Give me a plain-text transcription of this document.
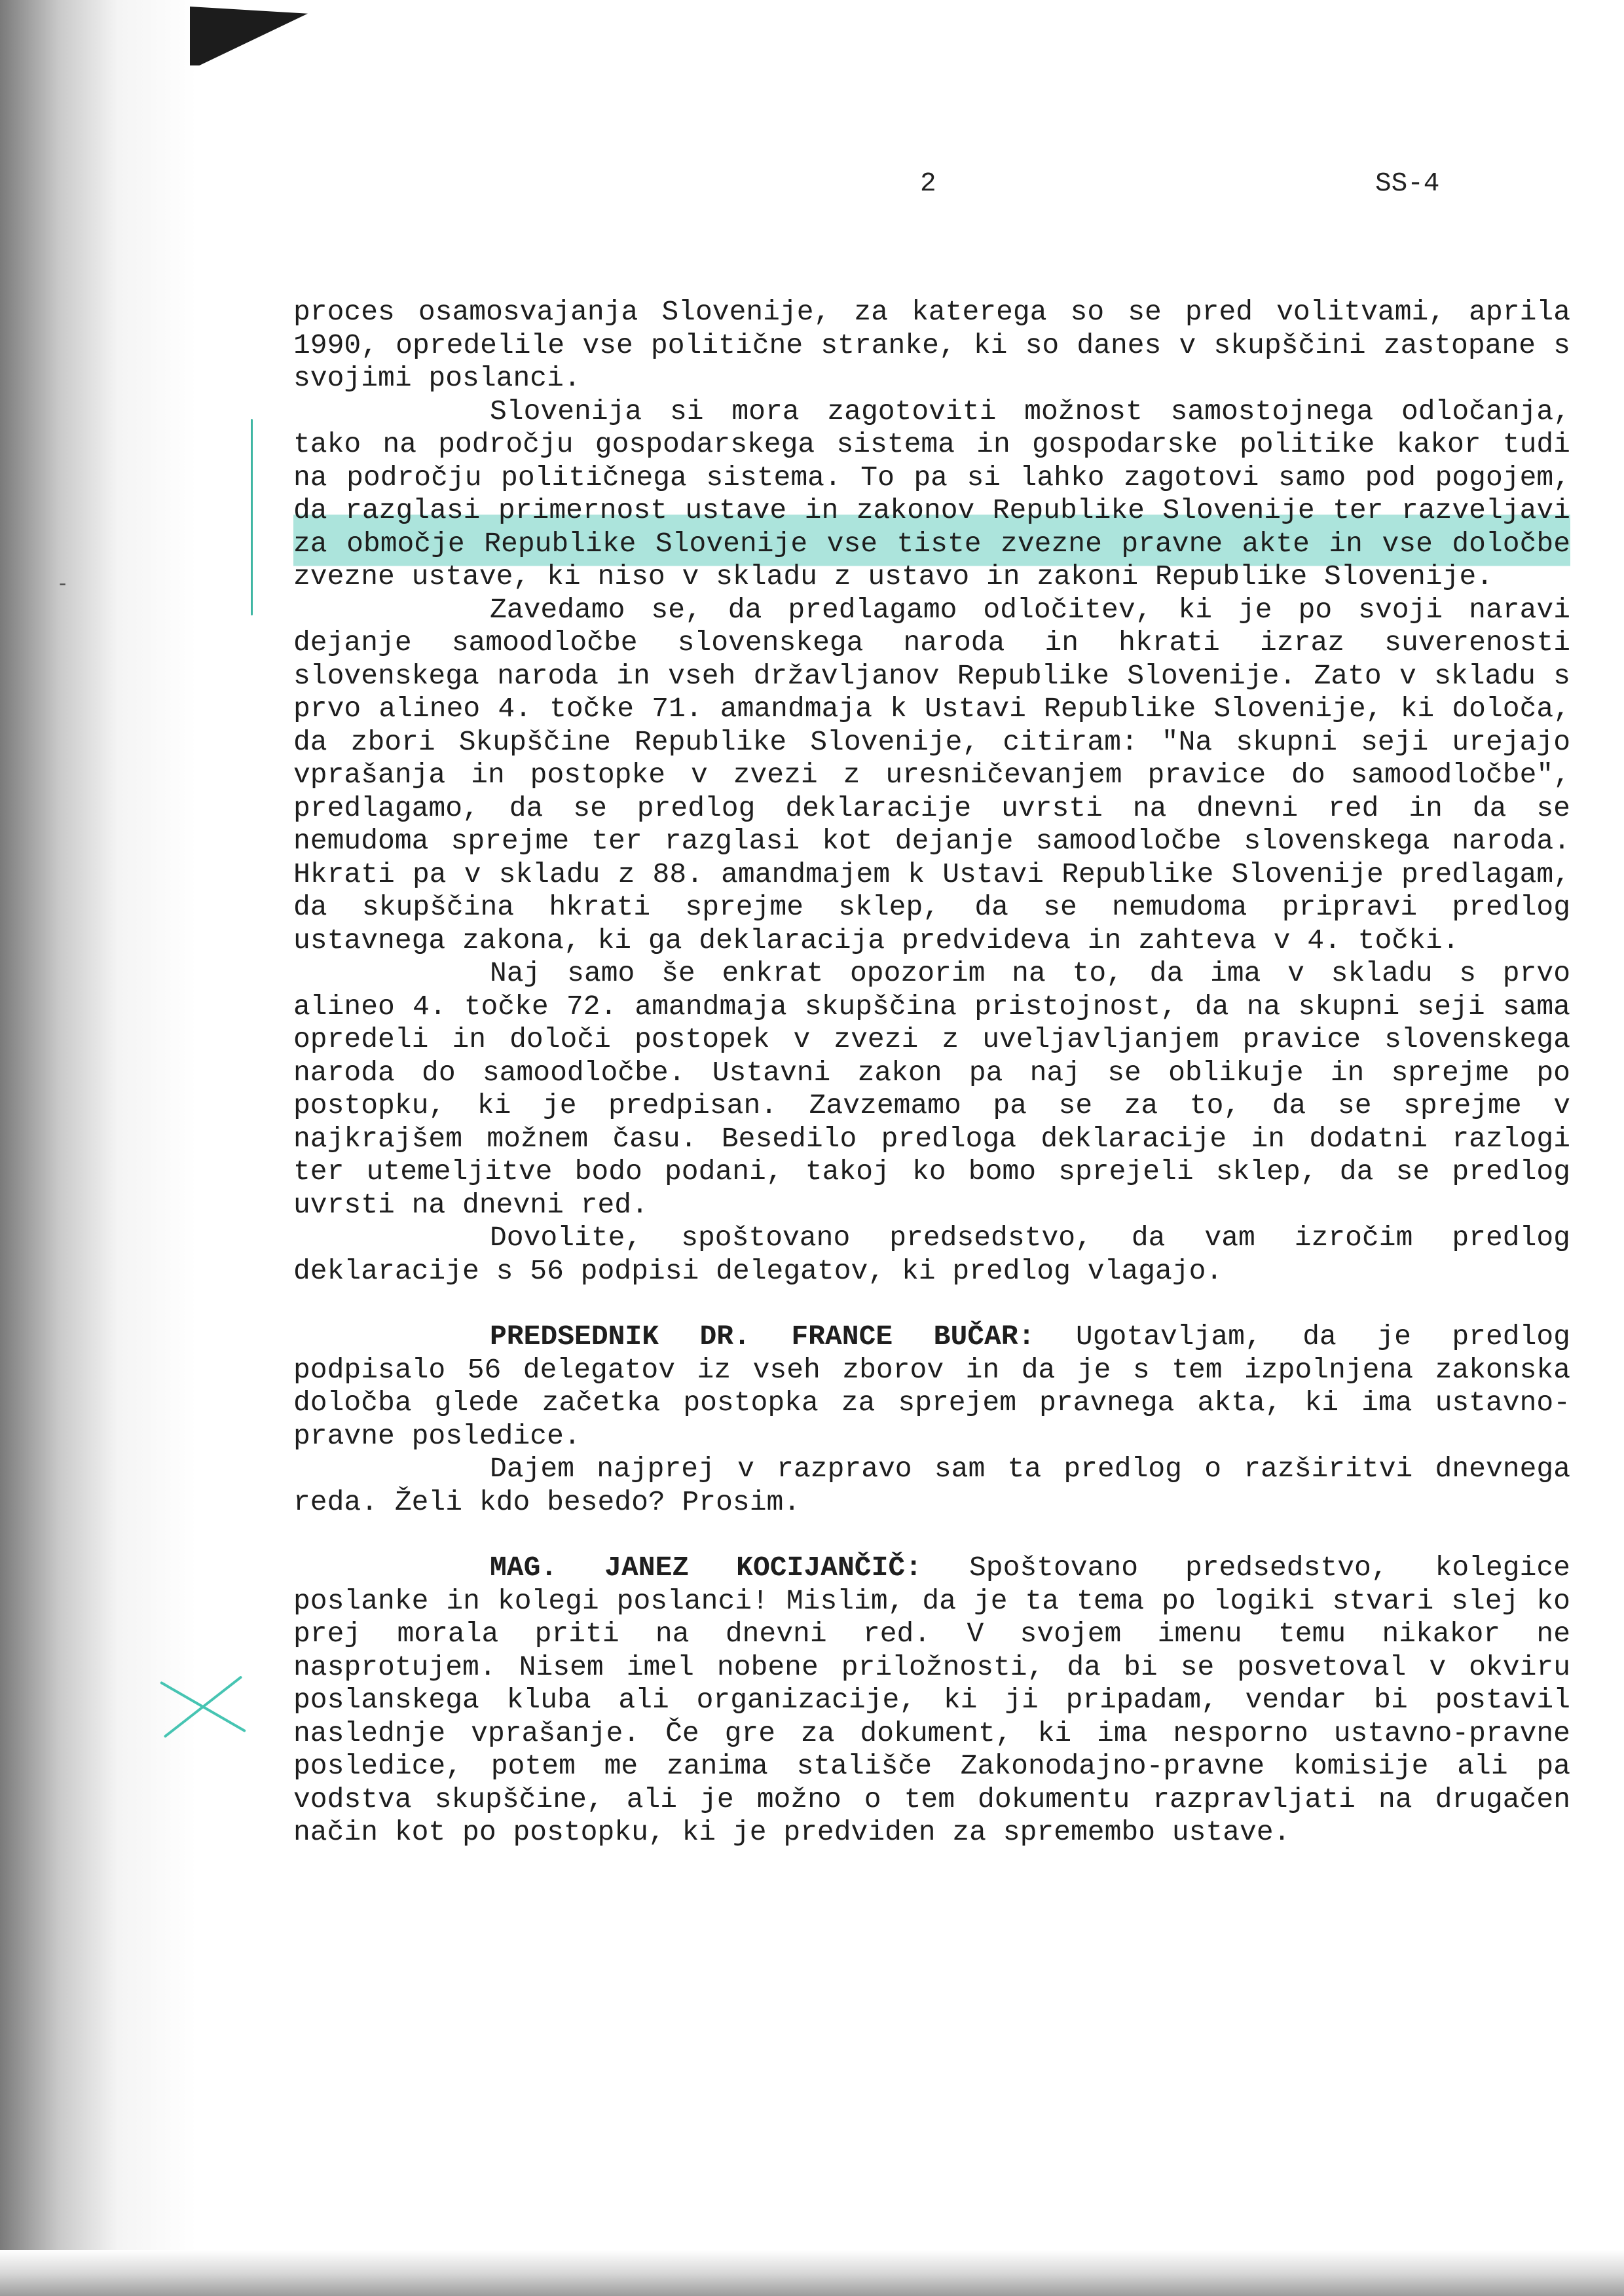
2	SS-4
-

proces osamosvajanja Slovenije, za katerega so se pred volitvami, aprila 1990, opredelile vse politične stranke, ki so danes v skupščini zastopane s svojimi poslanci.

Slovenija si mora zagotoviti možnost samostojnega odločanja, tako na področju gospodarskega sistema in gospodarske politike kakor tudi na področju političnega sistema. To pa si lahko zagotovi samo pod pogojem, da razglasi primernost ustave in zakonov Republike Slovenije ter razveljavi za območje Republike Slovenije vse tiste zvezne pravne akte in vse določbe zvezne ustave, ki niso v skladu z ustavo in zakoni Republike Slovenije.

Zavedamo se, da predlagamo odločitev, ki je po svoji naravi dejanje samoodločbe slovenskega naroda in hkrati izraz suverenosti slovenskega naroda in vseh državljanov Republike Slovenije. Zato v skladu s prvo alineo 4. točke 71. amandmaja k Ustavi Republike Slovenije, ki določa, da zbori Skupščine Republike Slovenije, citiram: "Na skupni seji urejajo vprašanja in postopke v zvezi z uresničevanjem pravice do samoodločbe", predlagamo, da se predlog deklaracije uvrsti na dnevni red in da se nemudoma sprejme ter razglasi kot dejanje samoodločbe slovenskega naroda. Hkrati pa v skladu z 88. amandmajem k Ustavi Republike Slovenije predlagam, da skupščina hkrati sprejme sklep, da se nemudoma pripravi predlog ustavnega zakona, ki ga deklaracija predvideva in zahteva v 4. točki.

Naj samo še enkrat opozorim na to, da ima v skladu s prvo alineo 4. točke 72. amandmaja skupščina pristojnost, da na skupni seji sama opredeli in določi postopek v zvezi z uveljavljanjem pravice slovenskega naroda do samoodločbe. Ustavni zakon pa naj se oblikuje in sprejme po postopku, ki je predpisan. Zavzemamo pa se za to, da se sprejme v najkrajšem možnem času. Besedilo predloga deklaracije in dodatni razlogi ter utemeljitve bodo podani, takoj ko bomo sprejeli sklep, da se predlog uvrsti na dnevni red.

Dovolite, spoštovano predsedstvo, da vam izročim predlog deklaracije s 56 podpisi delegatov, ki predlog vlagajo.

PREDSEDNIK DR. FRANCE BUČAR: Ugotavljam, da je predlog podpisalo 56 delegatov iz vseh zborov in da je s tem izpolnjena zakonska določba glede začetka postopka za sprejem pravnega akta, ki ima ustavno-pravne posledice.

Dajem najprej v razpravo sam ta predlog o razširitvi dnevnega reda. Želi kdo besedo? Prosim.

MAG. JANEZ KOCIJANČIČ: Spoštovano predsedstvo, kolegice poslanke in kolegi poslanci! Mislim, da je ta tema po logiki stvari slej ko prej morala priti na dnevni red. V svojem imenu temu nikakor ne nasprotujem. Nisem imel nobene priložnosti, da bi se posvetoval v okviru poslanskega kluba ali organizacije, ki ji pripadam, vendar bi postavil naslednje vprašanje. Če gre za dokument, ki ima nesporno ustavno-pravne posledice, potem me zanima stališče Zakonodajno-pravne komisije ali pa vodstva skupščine, ali je možno o tem dokumentu razpravljati na drugačen način kot po postopku, ki je predviden za spremembo ustave.
